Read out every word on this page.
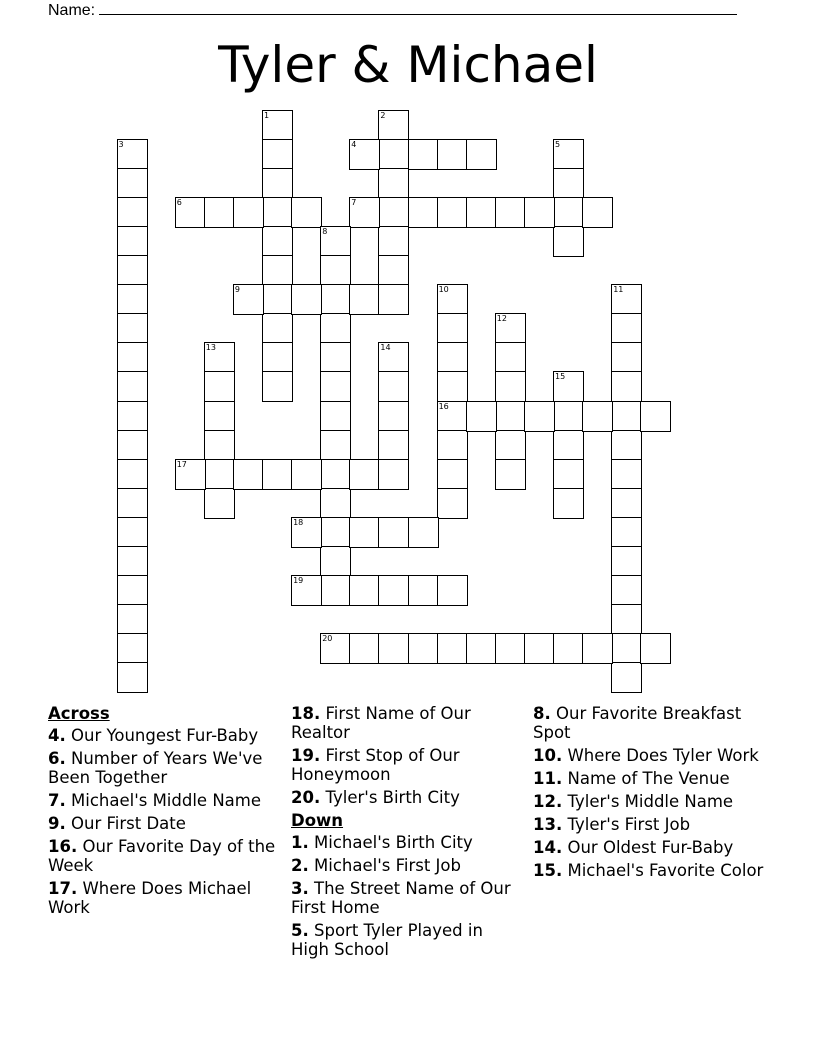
Name:
Tyler & Michael
1	2
3	4	5
6	7
8
9	10
16
11
12
13	14
15
17
18
19
20
Across
4. Our Youngest Fur-Baby
6. Number of Years We've Been Together
7. Michael's Middle Name
9. Our First Date
16. Our Favorite Day of the Week
17. Where Does Michael Work
18. First Name of Our Realtor
19. First Stop of Our Honeymoon
20. Tyler's Birth City
Down
1. Michael's Birth City
2. Michael's First Job
3. The Street Name of Our First Home
5. Sport Tyler Played in High School
8. Our Favorite Breakfast Spot
10. Where Does Tyler Work
11. Name of The Venue
12. Tyler's Middle Name
13. Tyler's First Job
14. Our Oldest Fur-Baby
15. Michael's Favorite Color
